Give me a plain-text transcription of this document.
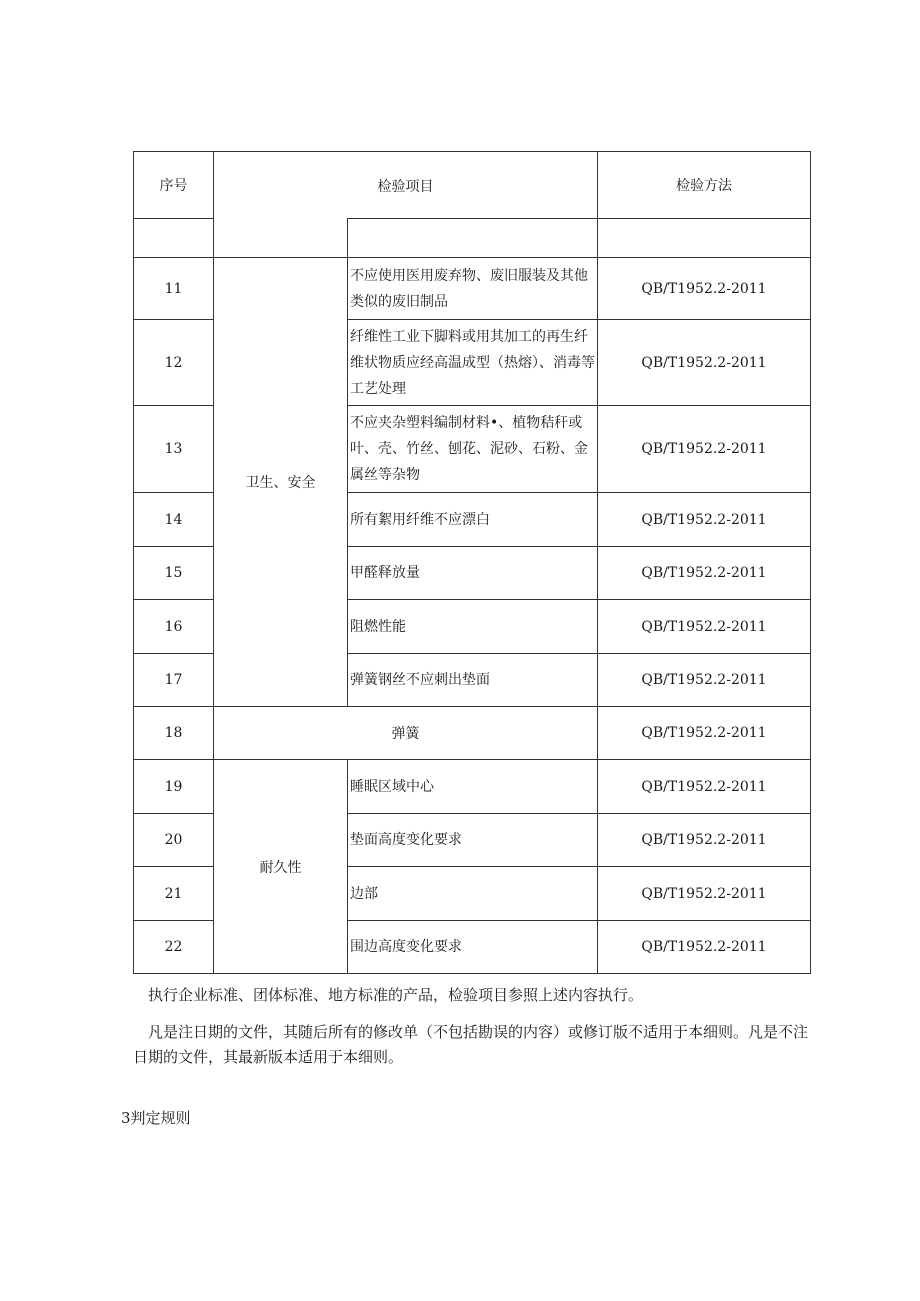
序号	检验项目		检验方法

11	卫生、安全	不应使用医用废弃物、废旧服装及其他类似的废旧制品	QB/T1952.2-2011
12		纤维性工业下脚料或用其加工的再生纤维状物质应经高温成型（热熔）、消毒等工艺处理	QB/T1952.2-2011
13		不应夹杂塑料编制材料•、植物秸秆或叶、壳、竹丝、刨花、泥砂、石粉、金属丝等杂物	QB/T1952.2-2011
14		所有絮用纤维不应漂白	QB/T1952.2-2011
15		甲醛释放量	QB/T1952.2-2011
16		阻燃性能	QB/T1952.2-2011
17		弹簧钢丝不应刺出垫面	QB/T1952.2-2011
18	弹簧		QB/T1952.2-2011
19	耐久性	睡眠区域中心	QB/T1952.2-2011
20		垫面高度变化要求	QB/T1952.2-2011
21		边部	QB/T1952.2-2011
22		围边高度变化要求	QB/T1952.2-2011

执行企业标准、团体标准、地方标准的产品，检验项目参照上述内容执行。

凡是注日期的文件，其随后所有的修改单（不包括勘误的内容）或修订版不适用于本细则。凡是不注日期的文件，其最新版本适用于本细则。

3判定规则
